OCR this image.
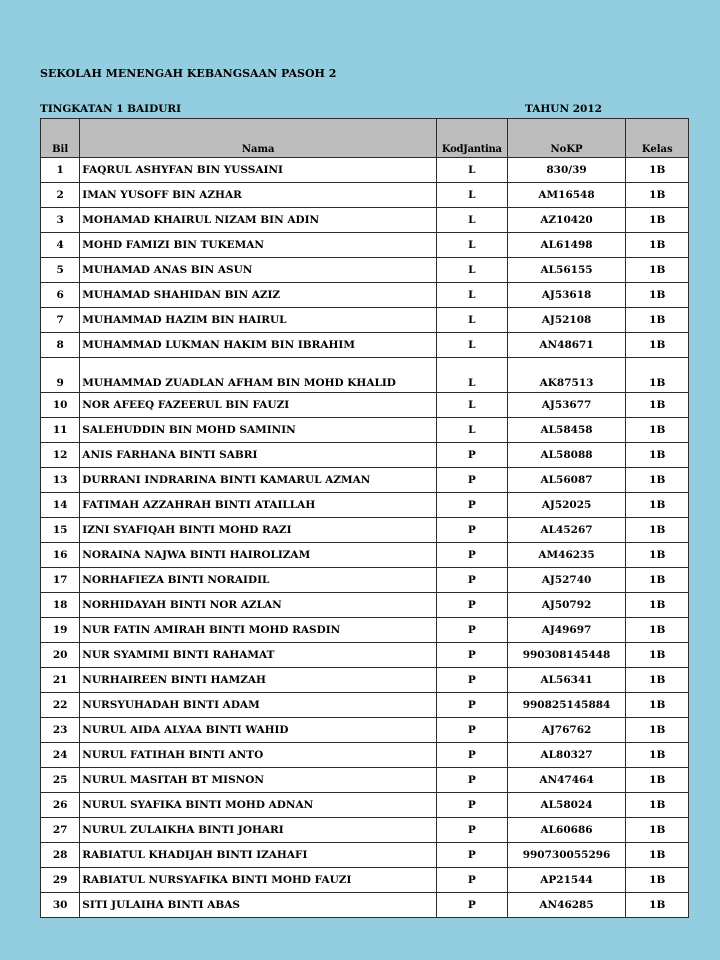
SEKOLAH MENENGAH KEBANGSAAN PASOH 2
TINGKATAN 1 BAIDURI	TAHUN 2012
Bil	Nama	KodJantina	NoKP	Kelas
1	FAQRUL ASHYFAN BIN YUSSAINI	L	830/39	1B
2	IMAN YUSOFF BIN AZHAR	L	AM16548	1B
3	MOHAMAD KHAIRUL NIZAM BIN ADIN	L	AZ10420	1B
4	MOHD FAMIZI BIN TUKEMAN	L	AL61498	1B
5	MUHAMAD ANAS BIN ASUN	L	AL56155	1B
6	MUHAMAD SHAHIDAN BIN AZIZ	L	AJ53618	1B
7	MUHAMMAD HAZIM BIN HAIRUL	L	AJ52108	1B
8	MUHAMMAD LUKMAN HAKIM BIN IBRAHIM	L	AN48671	1B
9	MUHAMMAD ZUADLAN AFHAM BIN MOHD KHALID	L	AK87513	1B
10	NOR AFEEQ FAZEERUL BIN FAUZI	L	AJ53677	1B
11	SALEHUDDIN BIN MOHD SAMININ	L	AL58458	1B
12	ANIS FARHANA BINTI SABRI	P	AL58088	1B
13	DURRANI INDRARINA BINTI KAMARUL AZMAN	P	AL56087	1B
14	FATIMAH AZZAHRAH BINTI ATAILLAH	P	AJ52025	1B
15	IZNI SYAFIQAH BINTI MOHD RAZI	P	AL45267	1B
16	NORAINA NAJWA BINTI HAIROLIZAM	P	AM46235	1B
17	NORHAFIEZA BINTI NORAIDIL	P	AJ52740	1B
18	NORHIDAYAH BINTI NOR AZLAN	P	AJ50792	1B
19	NUR FATIN AMIRAH BINTI MOHD RASDIN	P	AJ49697	1B
20	NUR SYAMIMI BINTI RAHAMAT	P	990308145448	1B
21	NURHAIREEN BINTI HAMZAH	P	AL56341	1B
22	NURSYUHADAH BINTI ADAM	P	990825145884	1B
23	NURUL AIDA ALYAA BINTI WAHID	P	AJ76762	1B
24	NURUL FATIHAH BINTI ANTO	P	AL80327	1B
25	NURUL MASITAH BT MISNON	P	AN47464	1B
26	NURUL SYAFIKA BINTI MOHD ADNAN	P	AL58024	1B
27	NURUL ZULAIKHA BINTI JOHARI	P	AL60686	1B
28	RABIATUL KHADIJAH BINTI IZAHAFI	P	990730055296	1B
29	RABIATUL NURSYAFIKA BINTI MOHD FAUZI	P	AP21544	1B
30	SITI JULAIHA BINTI ABAS	P	AN46285	1B
